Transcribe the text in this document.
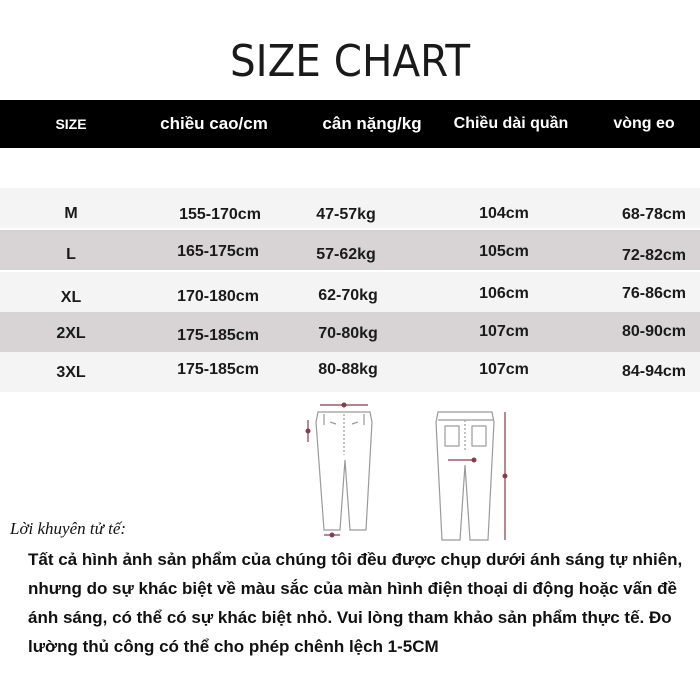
SIZE CHART
SIZE	chiều cao/cm	cân nặng/kg	Chiều dài quần	vòng eo
M	155-170cm	47-57kg	104cm	68-78cm
L	165-175cm	57-62kg	105cm	72-82cm
XL	170-180cm	62-70kg	106cm	76-86cm
2XL	175-185cm	70-80kg	107cm	80-90cm
3XL	175-185cm	80-88kg	107cm	84-94cm
Lời khuyên tử tế:
Tất cả hình ảnh sản phẩm của chúng tôi đều được chụp dưới ánh sáng tự nhiên, nhưng do sự khác biệt về màu sắc của màn hình điện thoại di động hoặc vấn đề ánh sáng, có thể có sự khác biệt nhỏ. Vui lòng tham khảo sản phẩm thực tế. Đo lường thủ công có thể cho phép chênh lệch 1-5CM
